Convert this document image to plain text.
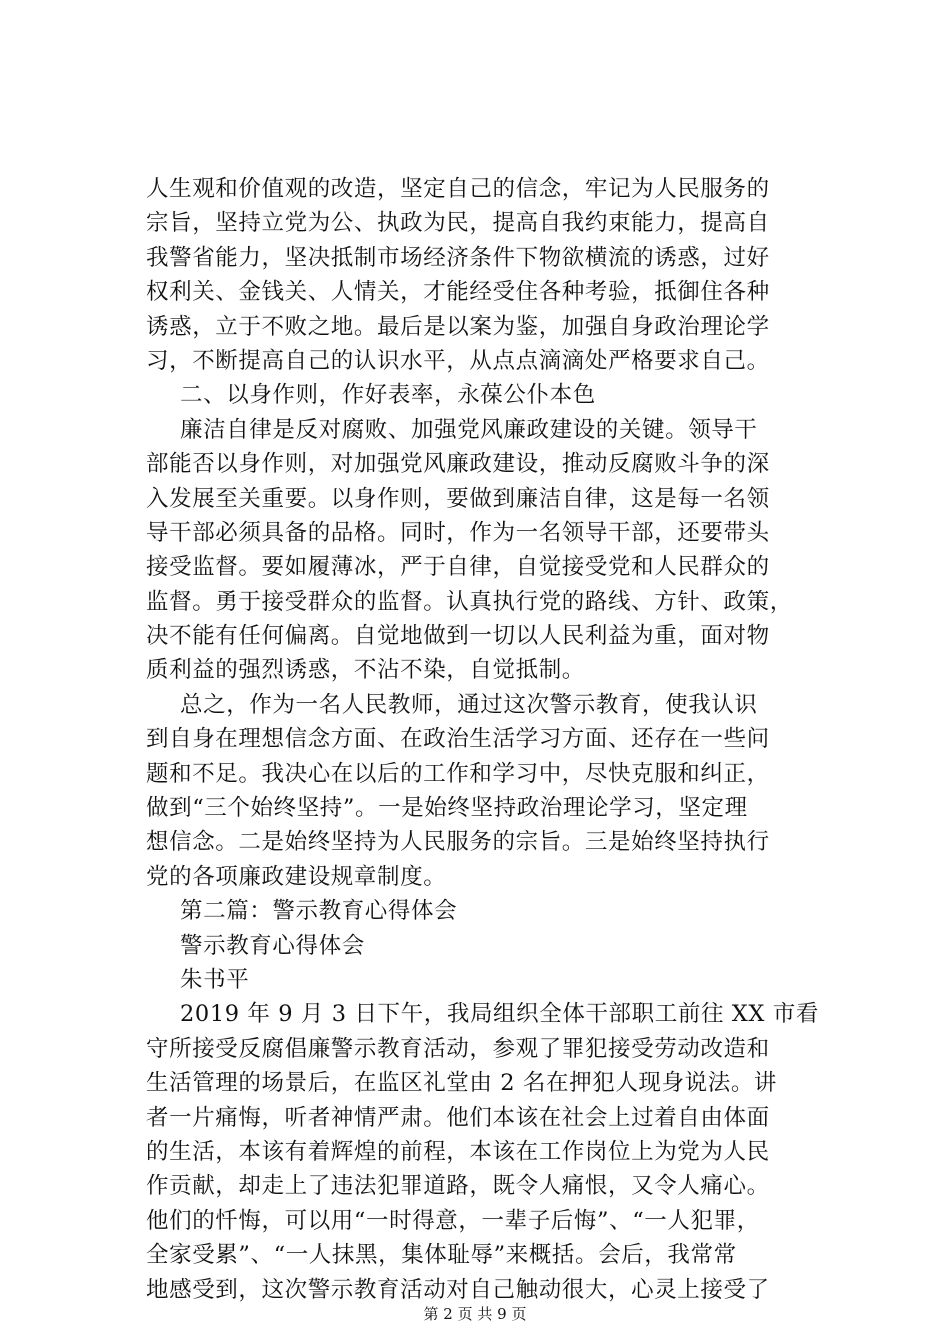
人生观和价值观的改造，坚定自己的信念，牢记为人民服务的
宗旨，坚持立党为公、执政为民，提高自我约束能力，提高自
我警省能力，坚决抵制市场经济条件下物欲横流的诱惑，过好
权利关、金钱关、人情关，才能经受住各种考验，抵御住各种
诱惑，立于不败之地。最后是以案为鉴，加强自身政治理论学
习，不断提高自己的认识水平，从点点滴滴处严格要求自己。
二、以身作则，作好表率，永葆公仆本色
廉洁自律是反对腐败、加强党风廉政建设的关键。领导干
部能否以身作则，对加强党风廉政建设，推动反腐败斗争的深
入发展至关重要。以身作则，要做到廉洁自律，这是每一名领
导干部必须具备的品格。同时，作为一名领导干部，还要带头
接受监督。要如履薄冰，严于自律，自觉接受党和人民群众的
监督。勇于接受群众的监督。认真执行党的路线、方针、政策，
决不能有任何偏离。自觉地做到一切以人民利益为重，面对物
质利益的强烈诱惑，不沾不染，自觉抵制。
总之，作为一名人民教师，通过这次警示教育，使我认识
到自身在理想信念方面、在政治生活学习方面、还存在一些问
题和不足。我决心在以后的工作和学习中，尽快克服和纠正，
做到“三个始终坚持”。一是始终坚持政治理论学习，坚定理
想信念。二是始终坚持为人民服务的宗旨。三是始终坚持执行
党的各项廉政建设规章制度。
第二篇：警示教育心得体会
警示教育心得体会
朱书平
2019 年 9 月 3 日下午，我局组织全体干部职工前往 XX 市看
守所接受反腐倡廉警示教育活动，参观了罪犯接受劳动改造和
生活管理的场景后，在监区礼堂由 2 名在押犯人现身说法。讲
者一片痛悔，听者神情严肃。他们本该在社会上过着自由体面
的生活，本该有着辉煌的前程，本该在工作岗位上为党为人民
作贡献，却走上了违法犯罪道路，既令人痛恨，又令人痛心。
他们的忏悔，可以用“一时得意，一辈子后悔”、“一人犯罪，
全家受累”、“一人抹黑，集体耻辱”来概括。会后，我常常
地感受到，这次警示教育活动对自己触动很大，心灵上接受了
第 2 页 共 9 页
